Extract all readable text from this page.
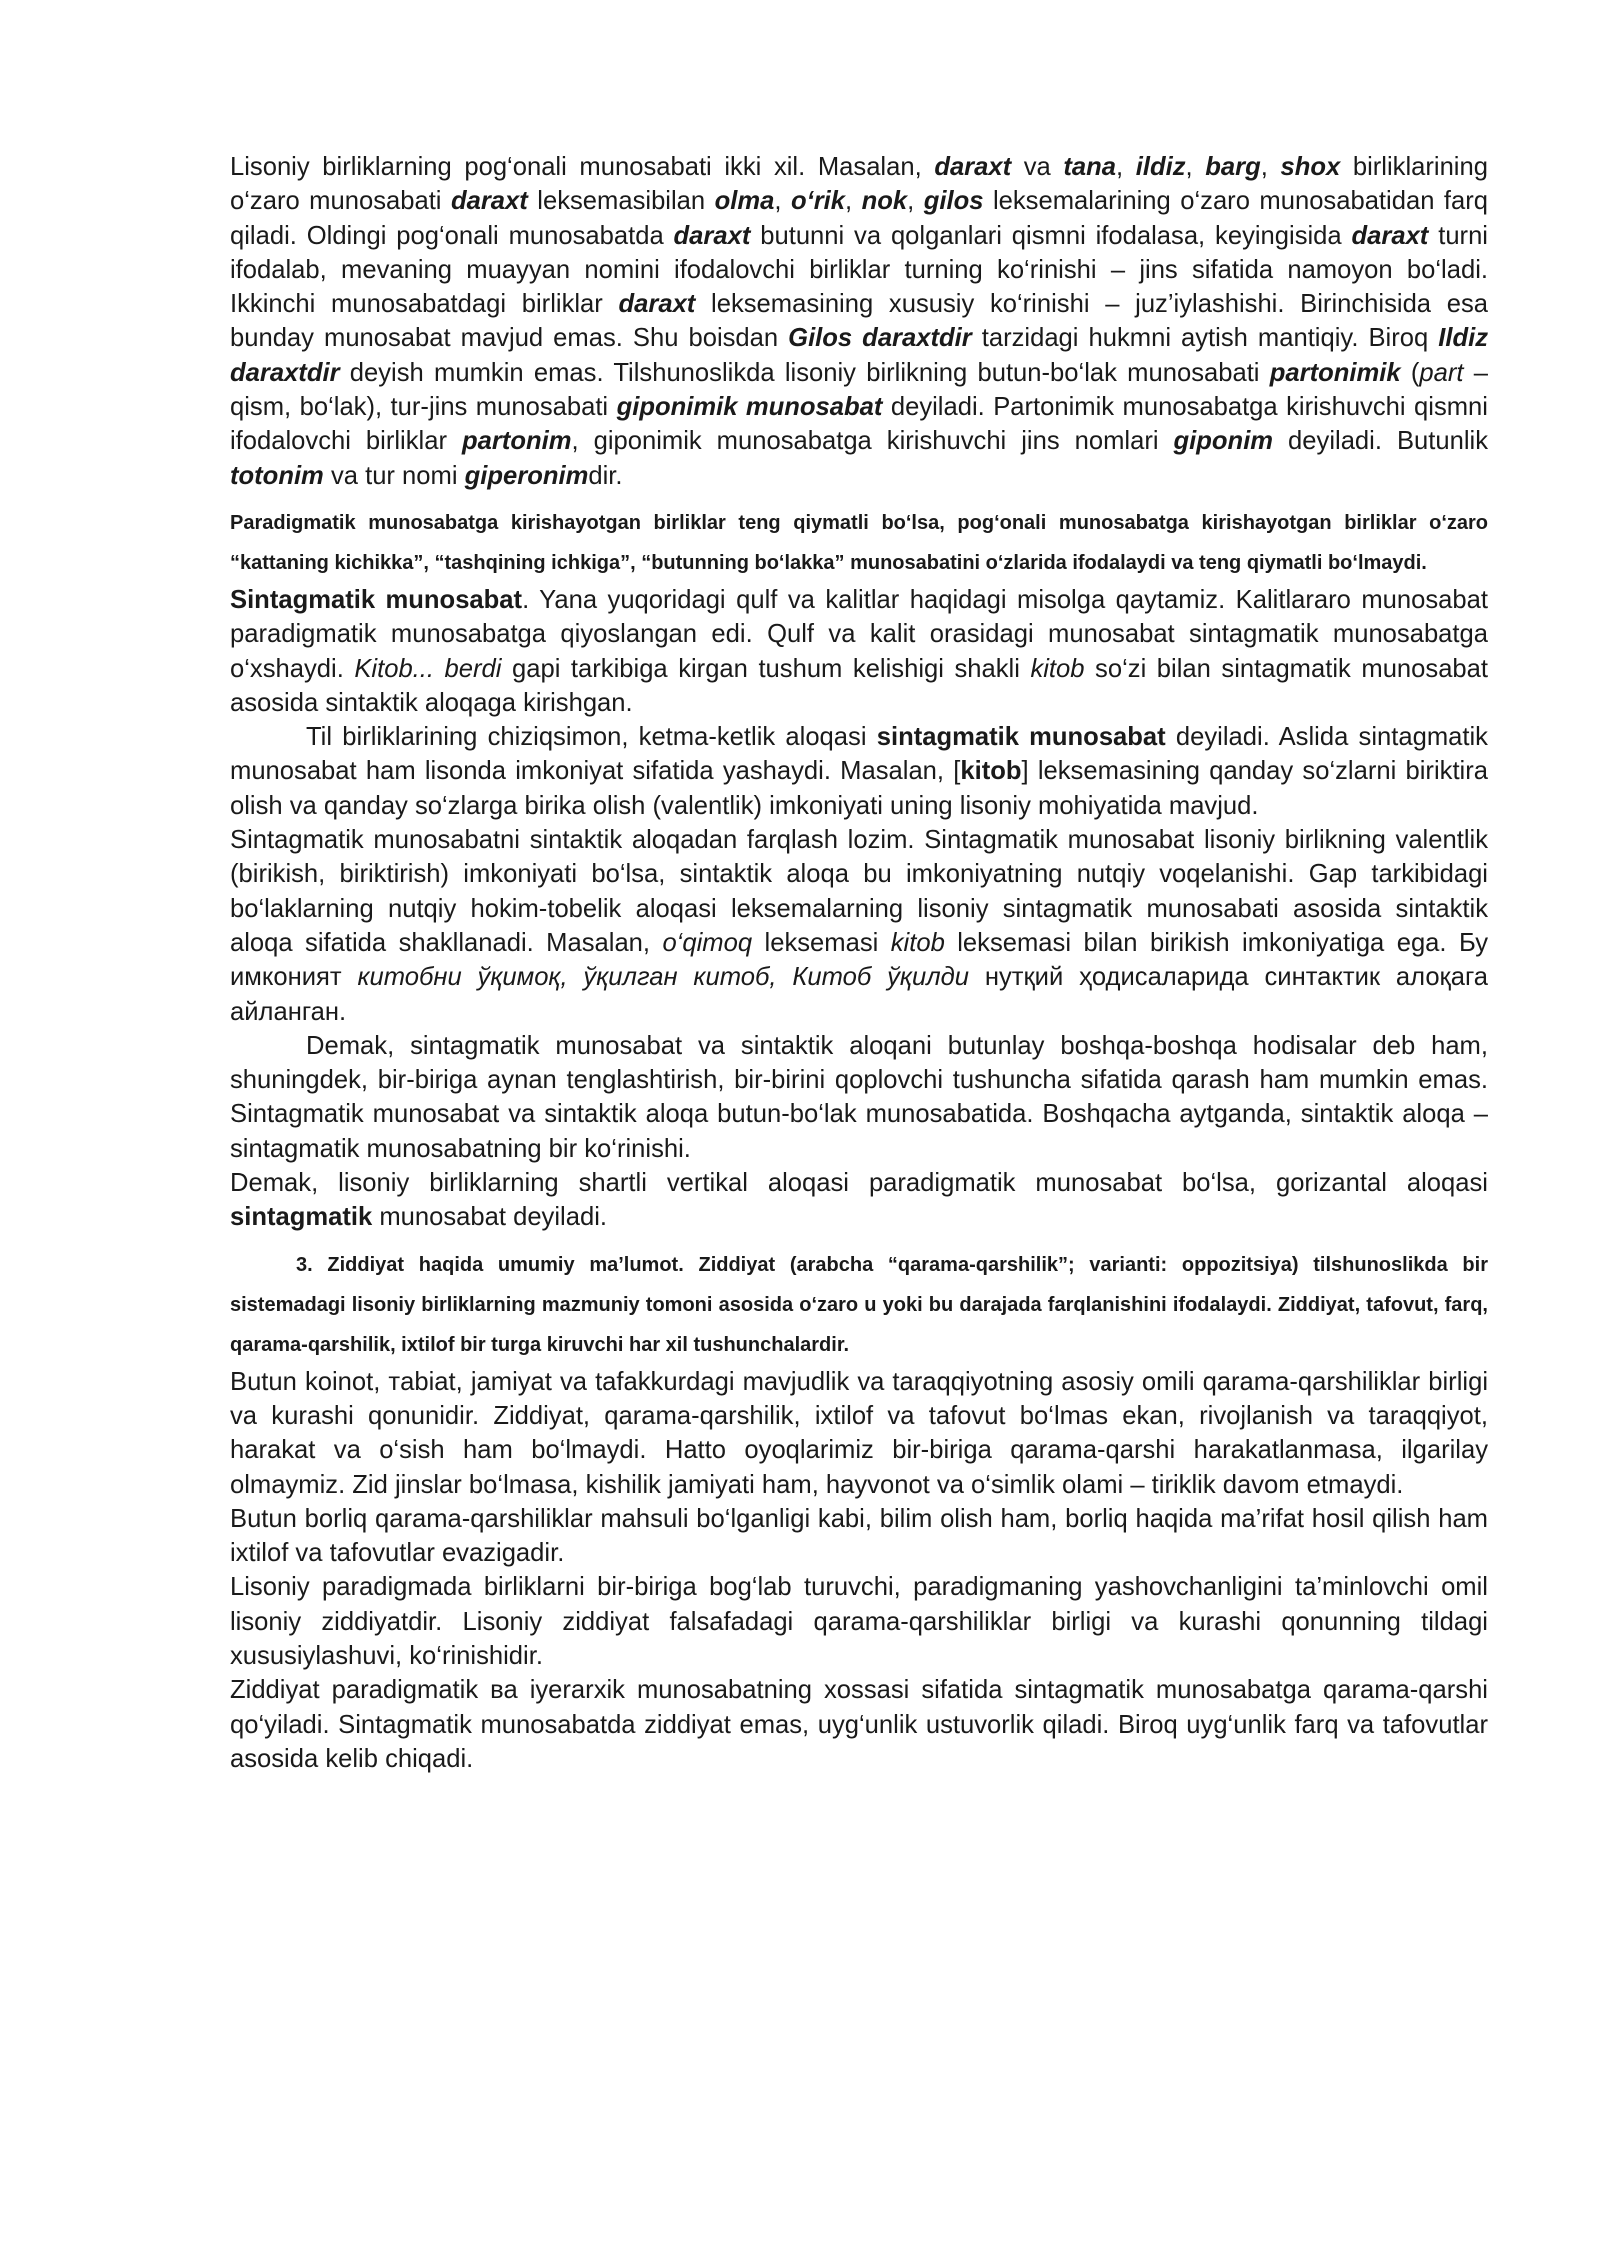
Lisoniy birliklarning pog‘onali munosabati ikki xil. Masalan, daraxt va tana, ildiz, barg, shox birliklarining o‘zaro munosabati daraxt leksemasibilan olma, o‘rik, nok, gilos leksemalarining o‘zaro munosabatidan farq qiladi. Oldingi pog‘onali munosabatda daraxt butunni va qolganlari qismni ifodalasa, keyingisida daraxt turni ifodalab, mevaning muayyan nomini ifodalovchi birliklar turning ko‘rinishi – jins sifatida namoyon bo‘ladi. Ikkinchi munosabatdagi birliklar daraxt leksemasining xususiy ko‘rinishi – juz’iylashishi. Birinchisida esa bunday munosabat mavjud emas. Shu boisdan Gilos daraxtdir tarzidagi hukmni aytish mantiqiy. Biroq Ildiz daraxtdir deyish mumkin emas. Tilshunoslikda lisoniy birlikning butun-bo‘lak munosabati partonimik (part – qism, bo‘lak), tur-jins munosabati giponimik munosabat deyiladi. Partonimik munosabatga kirishuvchi qismni ifodalovchi birliklar partonim, giponimik munosabatga kirishuvchi jins nomlari giponim deyiladi. Butunlik totonim va tur nomi giperonimdir.

Paradigmatik munosabatga kirishayotgan birliklar teng qiymatli bo‘lsa, pog‘onali munosabatga kirishayotgan birliklar o‘zaro “kattaning kichikka”, “tashqining ichkiga”, “butunning bo‘lakka” munosabatini o‘zlarida ifodalaydi va teng qiymatli bo‘lmaydi.

Sintagmatik munosabat. Yana yuqoridagi qulf va kalitlar haqidagi misolga qaytamiz. Kalitlararo munosabat paradigmatik munosabatga qiyoslangan edi. Qulf va kalit orasidagi munosabat sintagmatik munosabatga o‘xshaydi. Kitob... berdi gapi tarkibiga kirgan tushum kelishigi shakli kitob so‘zi bilan sintagmatik munosabat asosida sintaktik aloqaga kirishgan.

Til birliklarining chiziqsimon, ketma-ketlik aloqasi sintagmatik munosabat deyiladi. Aslida sintagmatik munosabat ham lisonda imkoniyat sifatida yashaydi. Masalan, [kitob] leksemasining qanday so‘zlarni biriktira olish va qanday so‘zlarga birika olish (valentlik) imkoniyati uning lisoniy mohiyatida mavjud.

Sintagmatik munosabatni sintaktik aloqadan farqlash lozim. Sintagmatik munosabat lisoniy birlikning valentlik (birikish, biriktirish) imkoniyati bo‘lsa, sintaktik aloqa bu imkoniyatning nutqiy voqelanishi. Gap tarkibidagi bo‘laklarning nutqiy hokim-tobelik aloqasi leksemalarning lisoniy sintagmatik munosabati asosida sintaktik aloqa sifatida shakllanadi. Masalan, o‘qimoq leksemasi kitob leksemasi bilan birikish imkoniyatiga ega. Бу имконият китобни ўқимоқ, ўқилган китоб, Китоб ўқилди нутқий ҳодисаларида синтактик алоқага айланган.

Demak, sintagmatik munosabat va sintaktik aloqani butunlay boshqa-boshqa hodisalar deb ham, shuningdek, bir-biriga aynan tenglashtirish, bir-birini qoplovchi tushuncha sifatida qarash ham mumkin emas. Sintagmatik munosabat va sintaktik aloqa butun-bo‘lak munosabatida. Boshqacha aytganda, sintaktik aloqa – sintagmatik munosabatning bir ko‘rinishi.

Demak, lisoniy birliklarning shartli vertikal aloqasi paradigmatik munosabat bo‘lsa, gorizantal aloqasi sintagmatik munosabat deyiladi.

3. Ziddiyat haqida umumiy ma’lumot. Ziddiyat (arabcha “qarama-qarshilik”; varianti: oppozitsiya) tilshunoslikda bir sistemadagi lisoniy birliklarning mazmuniy tomoni asosida o‘zaro u yoki bu darajada farqlanishini ifodalaydi. Ziddiyat, tafovut, farq, qarama-qarshilik, ixtilof bir turga kiruvchi har xil tushunchalardir.

Butun koinot, тabiat, jamiyat va tafakkurdagi mavjudlik va taraqqiyotning asosiy omili qarama-qarshiliklar birligi va kurashi qonunidir. Ziddiyat, qarama-qarshilik, ixtilof va tafovut bo‘lmas ekan, rivojlanish va taraqqiyot, harakat va o‘sish ham bo‘lmaydi. Hatto oyoqlarimiz bir-biriga qarama-qarshi harakatlanmasa, ilgarilay olmaymiz. Zid jinslar bo‘lmasa, kishilik jamiyati ham, hayvonot va o‘simlik olami – tiriklik davom etmaydi.

Butun borliq qarama-qarshiliklar mahsuli bo‘lganligi kabi, bilim olish ham, borliq haqida ma’rifat hosil qilish ham ixtilof va tafovutlar evazigadir.

Lisoniy paradigmada birliklarni bir-biriga bog‘lab turuvchi, paradigmaning yashovchanligini ta’minlovchi omil lisoniy ziddiyatdir. Lisoniy ziddiyat falsafadagi qarama-qarshiliklar birligi va kurashi qonunning tildagi xususiylashuvi, ko‘rinishidir.

Ziddiyat paradigmatik ва iyerarxik munosabatning xossasi sifatida sintagmatik munosabatga qarama-qarshi qo‘yiladi. Sintagmatik munosabatda ziddiyat emas, uyg‘unlik ustuvorlik qiladi. Biroq uyg‘unlik farq va tafovutlar asosida kelib chiqadi.
